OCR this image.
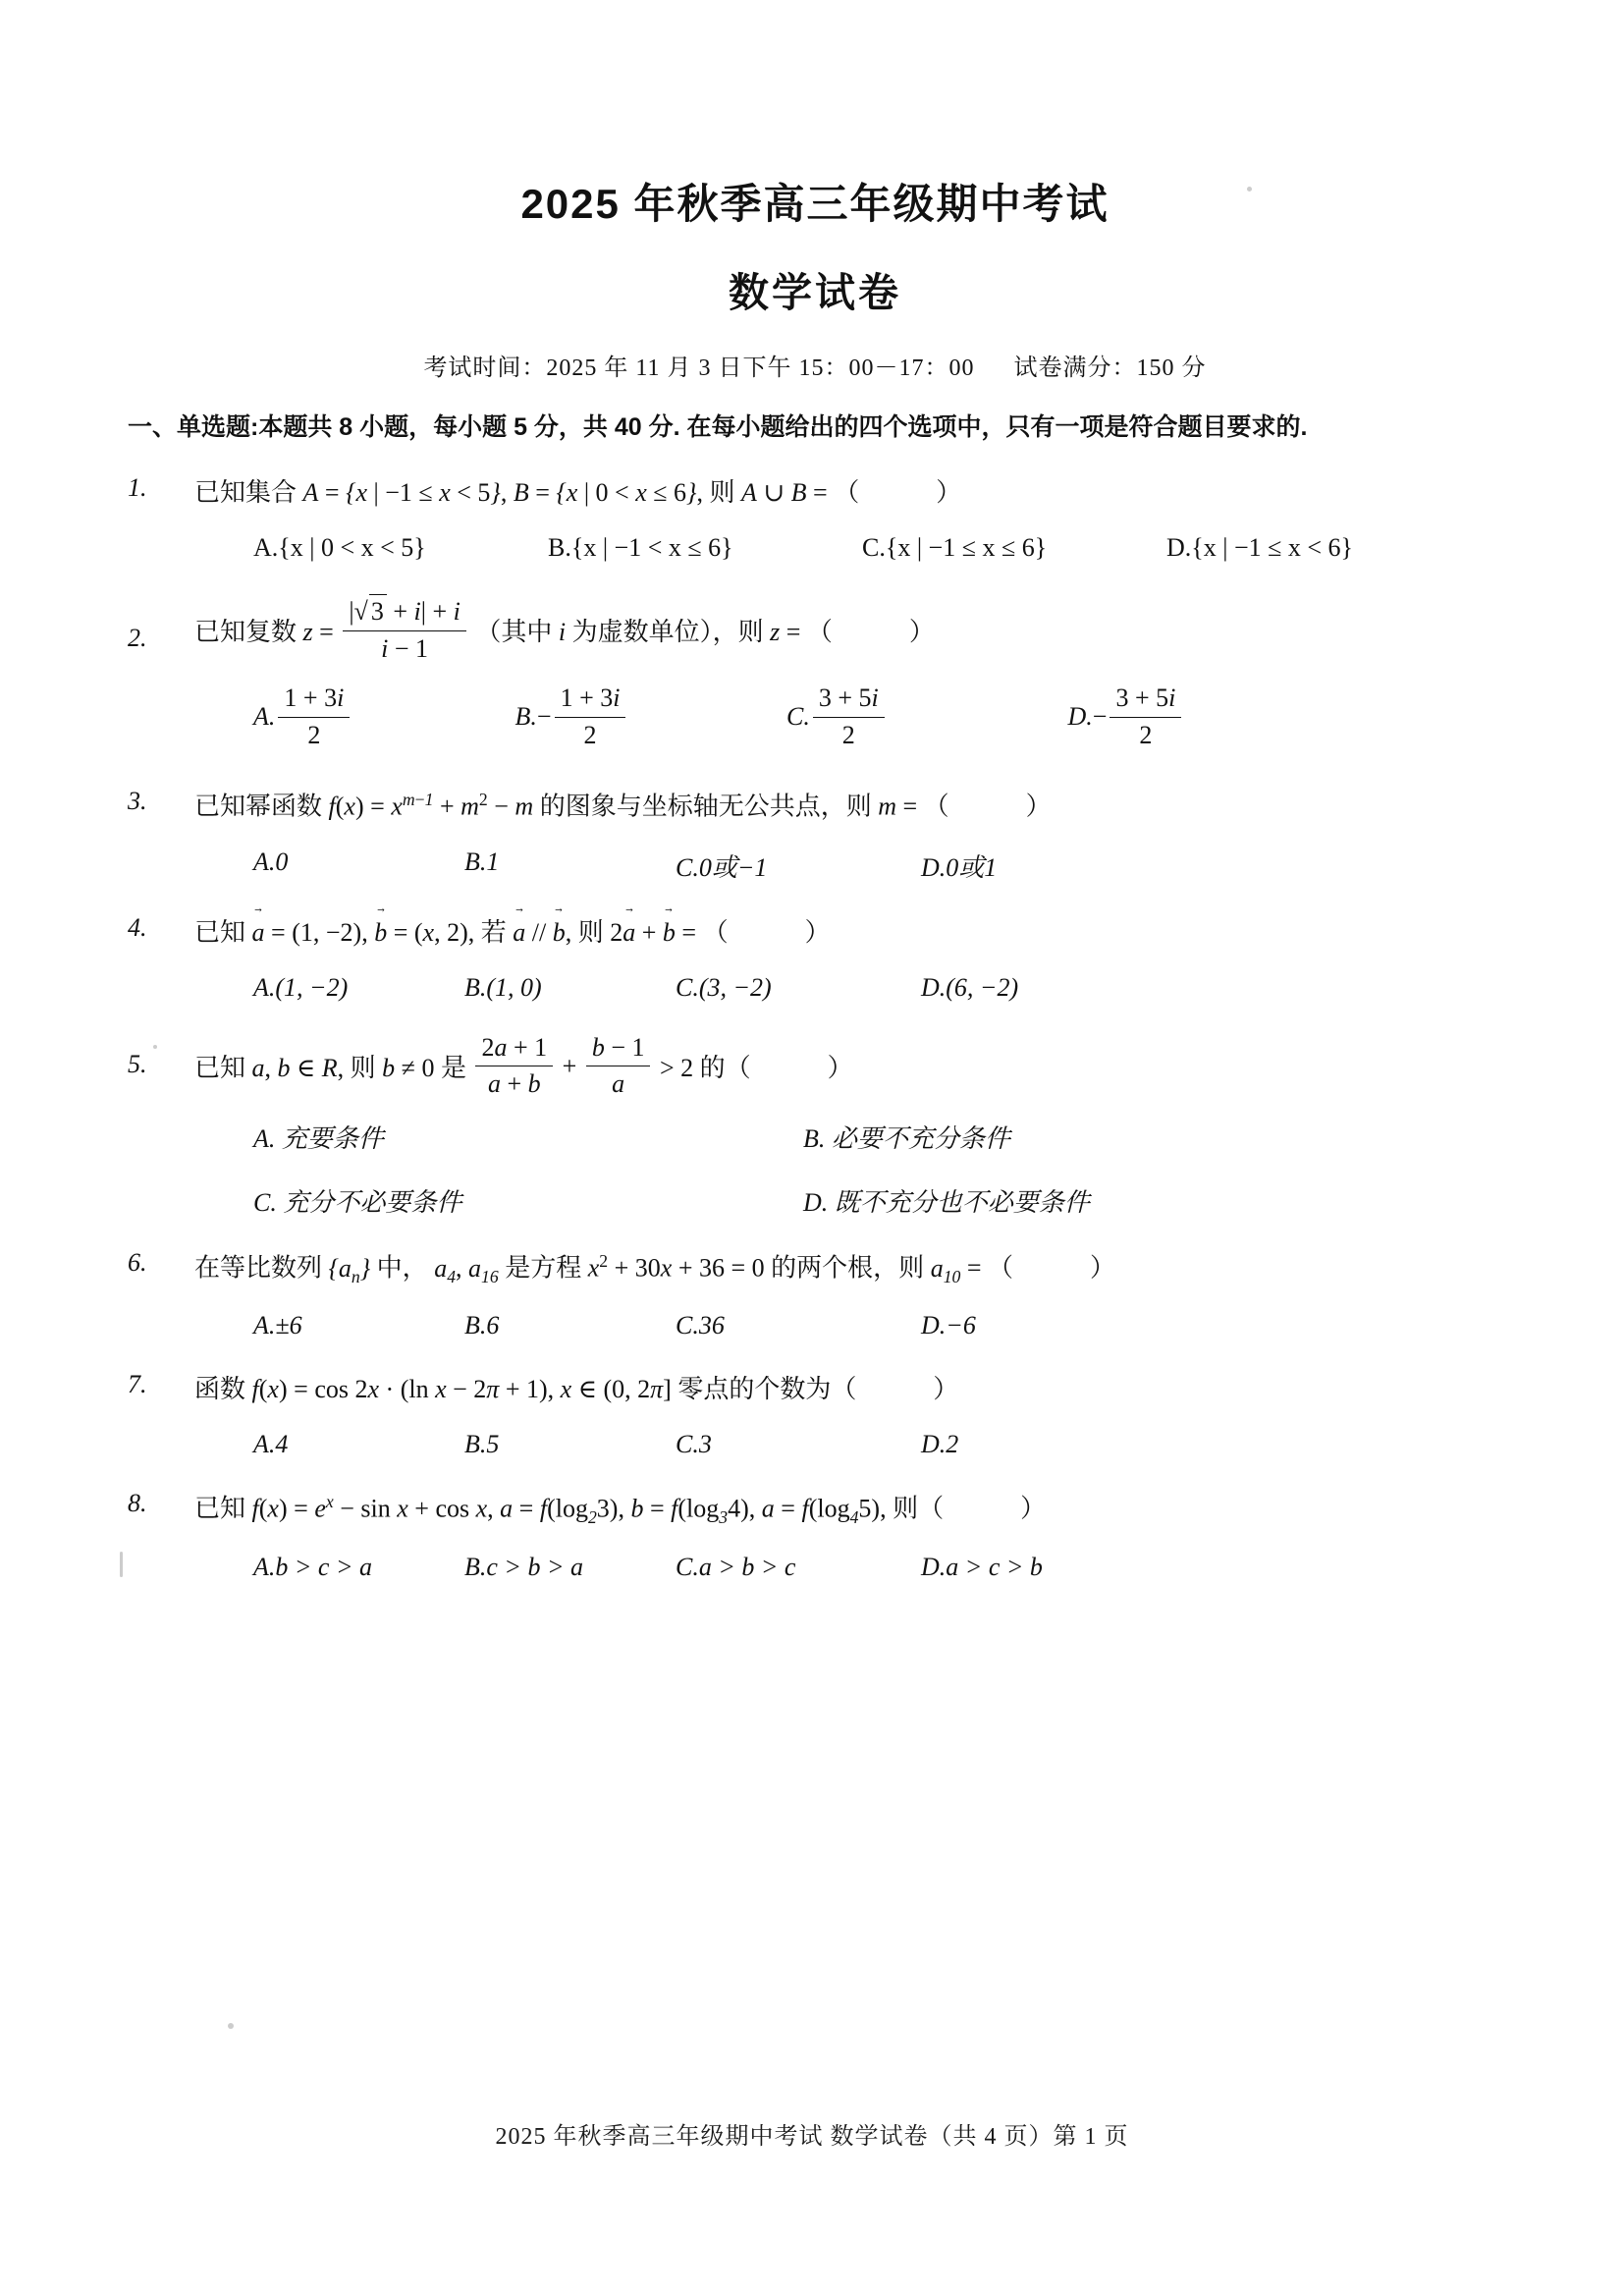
2025 年秋季高三年级期中考试
数学试卷
考试时间：2025 年 11 月 3 日下午 15：00－17：00 试卷满分：150 分
一、单选题:本题共 8 小题，每小题 5 分，共 40 分. 在每小题给出的四个选项中，只有一项是符合题目要求的.
1.	已知集合 A = {x | −1 ≤ x < 5}, B = {x | 0 < x ≤ 6}, 则 A ∪ B = （　　　）
A.{x | 0 < x < 5}	B.{x | −1 < x ≤ 6}	C.{x | −1 ≤ x ≤ 6}	D.{x | −1 ≤ x < 6}
2.	已知复数 $z = \frac{|√ 3 + i| + i}{i - 1}$ （其中 i 为虚数单位），则 z = （　　　）
A. $\frac{1 + 3i}{2}$	$B.- \frac{1 + 3i}{2}$	C. $\frac{3 + 5i}{2}$	$D.- \frac{3 + 5i}{2}$
3.	已知幂函数 $f(x) = x^{m-1} + m^2 - m$ 的图象与坐标轴无公共点，则 m = （　　　）
A.0	B.1	C.0或−1	D.0或1
4.	已知 a → = (1, −2), b → = (x, 2), 若 a → // b →, 则 2a → + b → = （　　　）
A.(1, −2)	B.(1, 0)	C.(3, −2)	D.(6, −2)
5.	已知 a, b ∈ R, 则 b ≠ 0 是 $\frac{2a + 1}{a + b} + \frac{b - 1}{a} > 2$ 的（　　　）
A. 充要条件	B. 必要不充分条件
C. 充分不必要条件	D. 既不充分也不必要条件
6.	在等比数列 $\{a_n\}$ 中， $a_4$, $a_{16}$ 是方程 $x^2 + 30x + 36 = 0$ 的两个根，则 $a_{10}$ = （　　　）
A.±6	B.6	C.36	D.−6
7.	函数 f(x) = cos 2x · (ln x − 2π + 1), x ∈ (0, 2π] 零点的个数为（　　　）
A.4	B.5	C.3	D.2
8.	已知 $f(x) = e^x - \sin x + \cos x$, $a = f(\log_23)$, $b = f(\log_34)$, $a = f(\log_45)$, 则（　　　）
A.b > c > a	B.c > b > a	C.a > b > c	D.a > c > b
2025 年秋季高三年级期中考试 数学试卷（共 4 页）第 1 页
